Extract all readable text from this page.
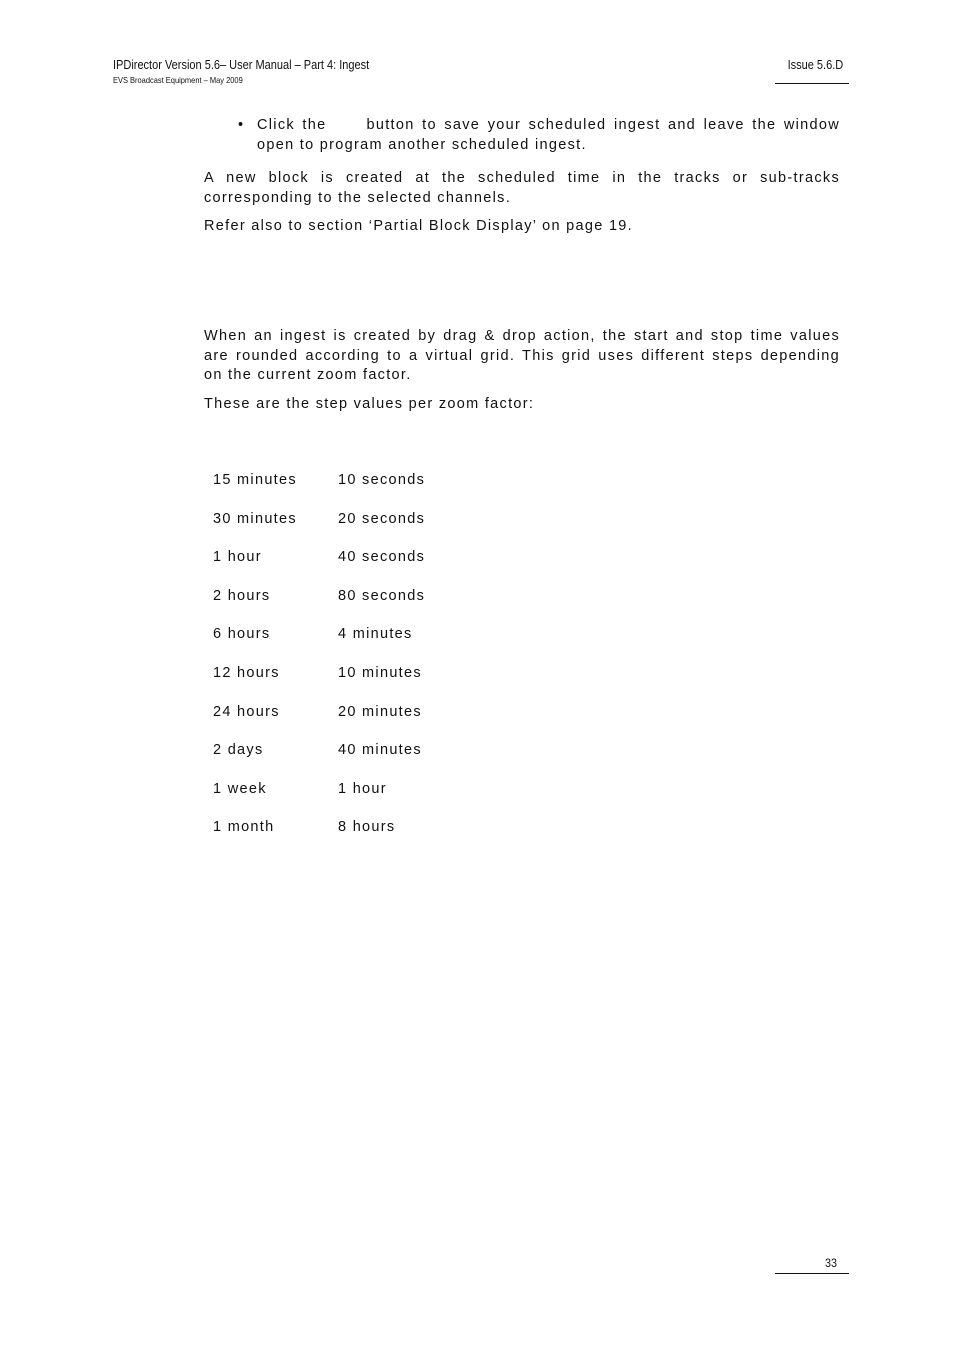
IPDirector Version 5.6– User Manual – Part 4: Ingest
EVS Broadcast Equipment – May 2009
Issue 5.6.D
• Click the	button to save your scheduled ingest and leave the window open to program another scheduled ingest.

A new block is created at the scheduled time in the tracks or sub-tracks corresponding to the selected channels.

Refer also to section ‘Partial Block Display’ on page 19.

When an ingest is created by drag & drop action, the start and stop time values are rounded according to a virtual grid. This grid uses different steps depending on the current zoom factor.

These are the step values per zoom factor:

15 minutes	10 seconds
30 minutes	20 seconds
1 hour	40 seconds
2 hours	80 seconds
6 hours	4 minutes
12 hours	10 minutes
24 hours	20 minutes
2 days	40 minutes
1 week	1 hour
1 month	8 hours
33
